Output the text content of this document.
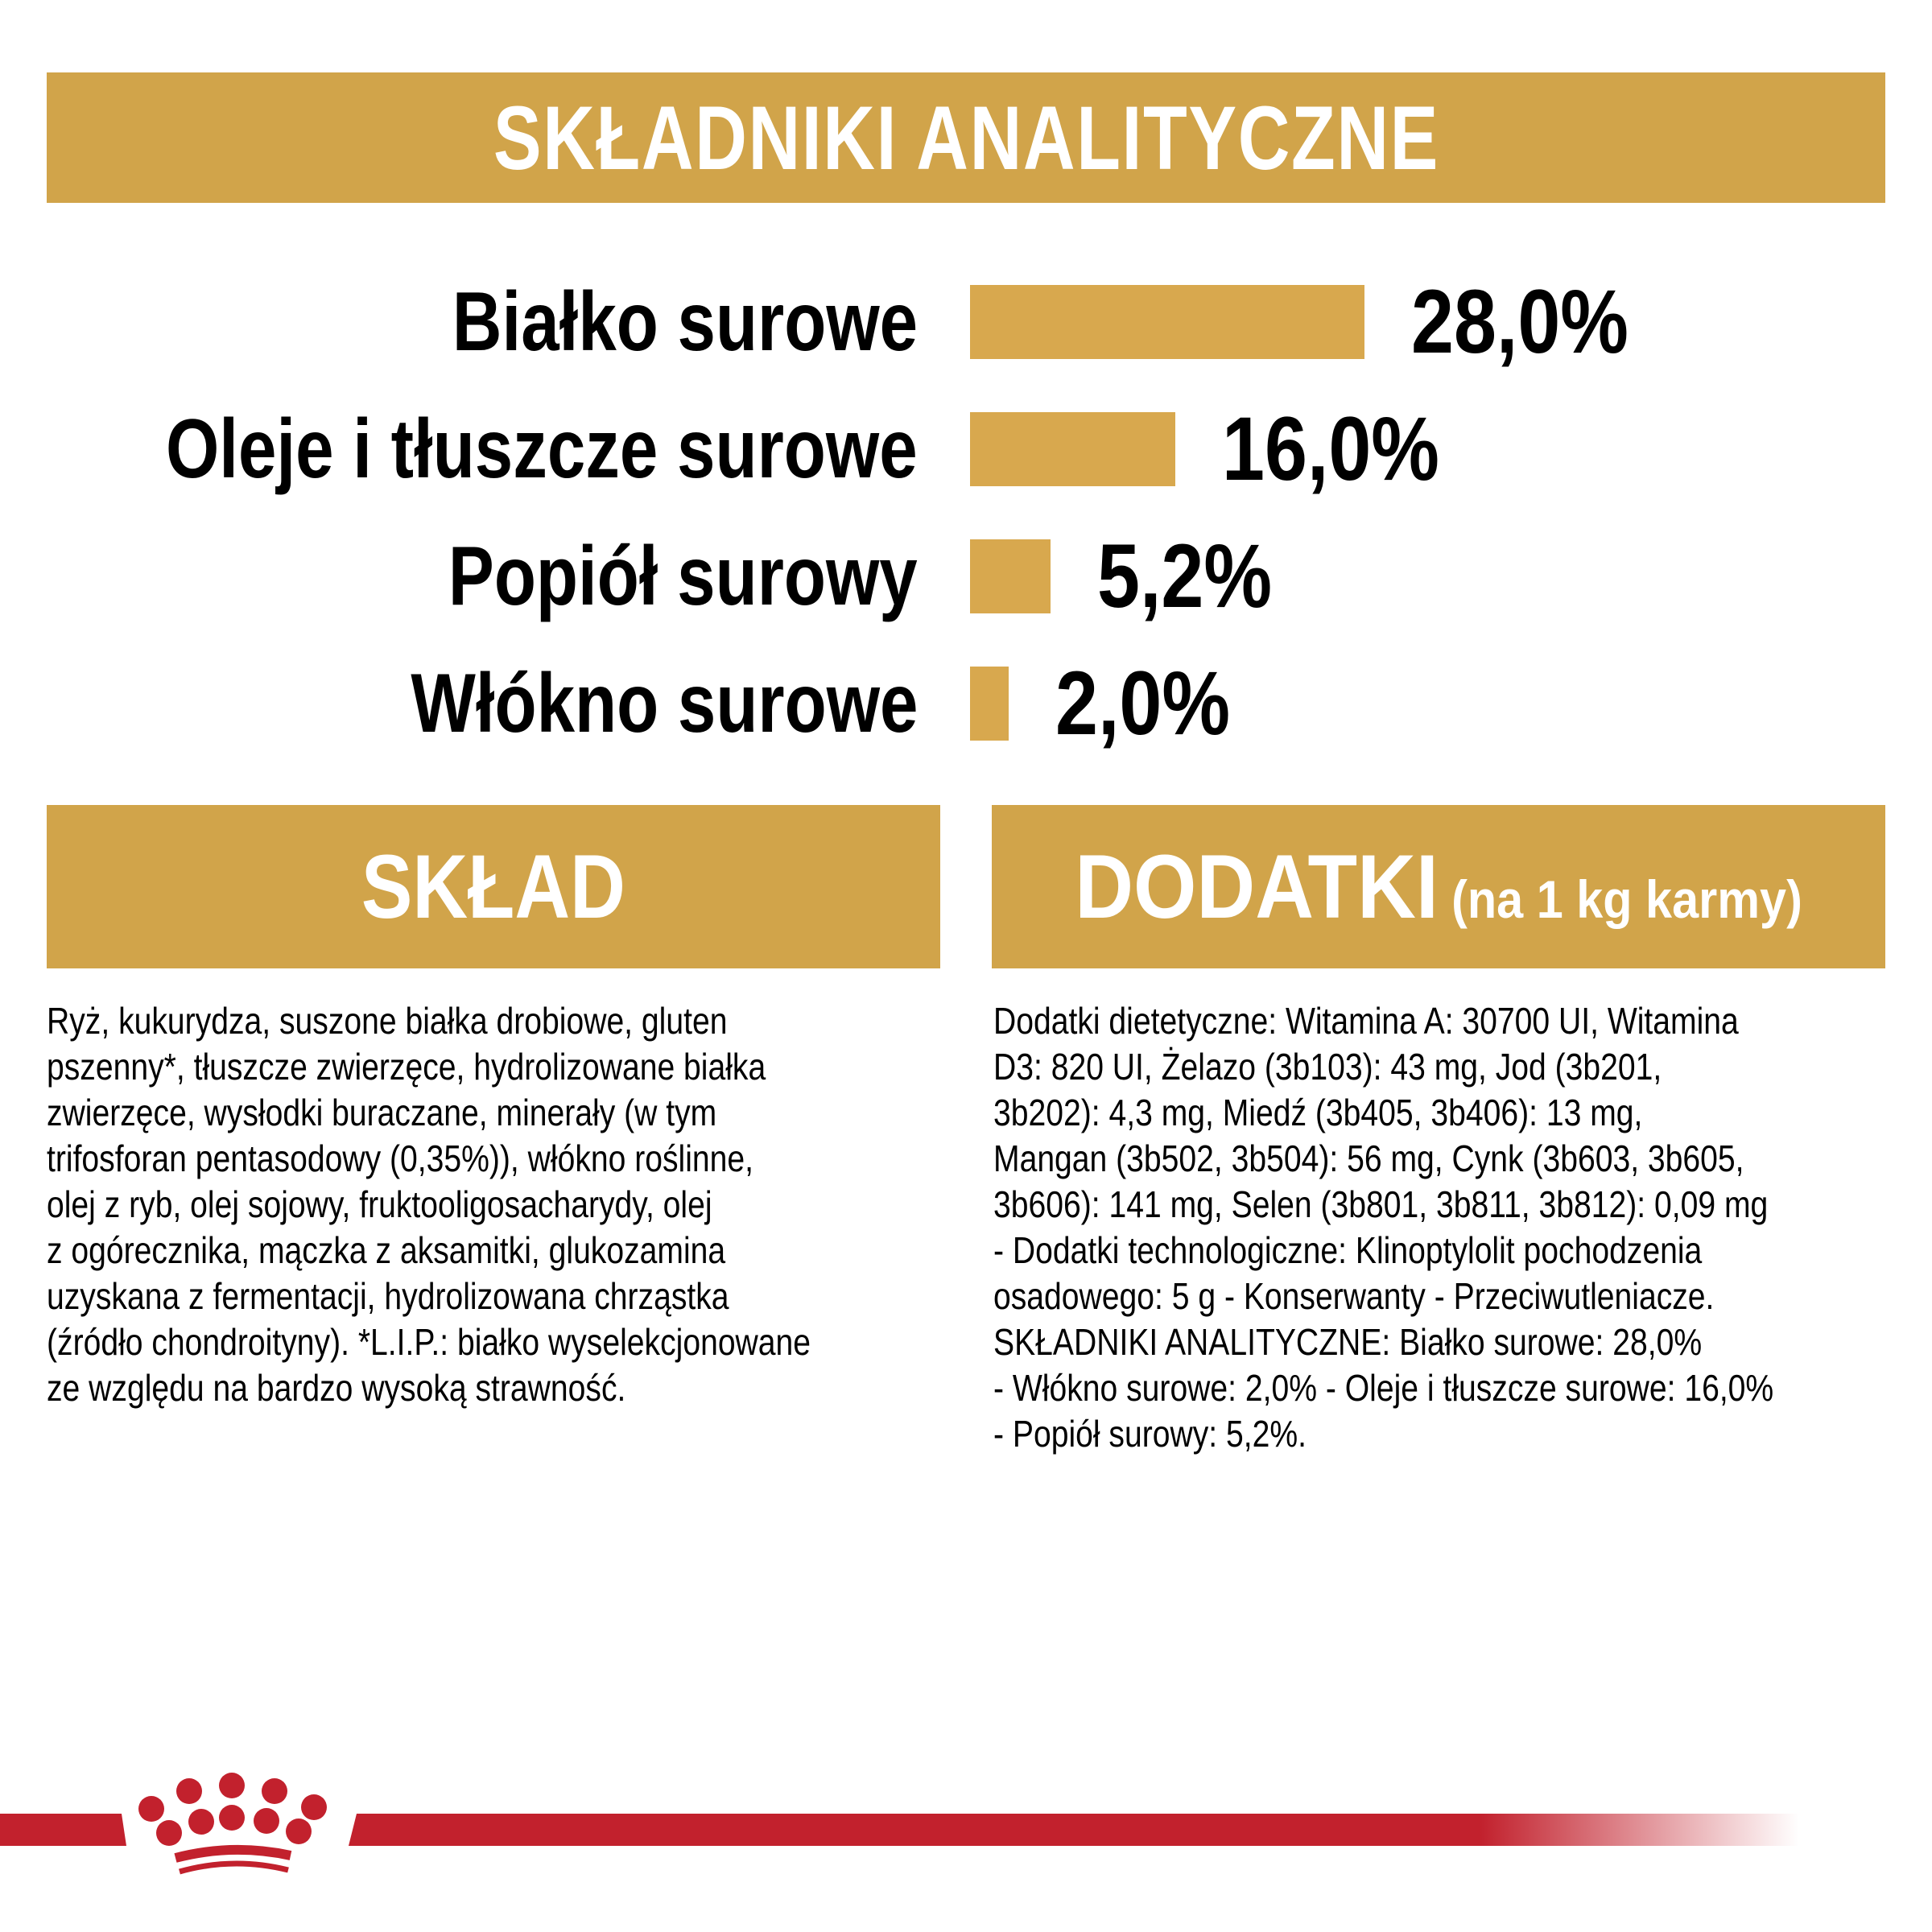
SKŁADNIKI ANALITYCZNE
Białko surowe	28,0%
Oleje i tłuszcze surowe	16,0%
Popiół surowy 5,2%
Włókno surowe 2,0%
SKŁAD	DODATKI (na 1 kg karmy)
Ryż, kukurydza, suszone białka drobiowe, gluten
pszenny*, tłuszcze zwierzęce, hydrolizowane białka
zwierzęce, wysłodki buraczane, minerały (w tym
trifosforan pentasodowy (0,35%)), włókno roślinne,
olej z ryb, olej sojowy, fruktooligosacharydy, olej
z ogórecznika, mączka z aksamitki, glukozamina
uzyskana z fermentacji, hydrolizowana chrząstka
(źródło chondroityny). *L.I.P.: białko wyselekcjonowane
ze względu na bardzo wysoką strawność.
Dodatki dietetyczne: Witamina A: 30700 UI, Witamina
D3: 820 UI, Żelazo (3b103): 43 mg, Jod (3b201,
3b202): 4,3 mg, Miedź (3b405, 3b406): 13 mg,
Mangan (3b502, 3b504): 56 mg, Cynk (3b603, 3b605,
3b606): 141 mg, Selen (3b801, 3b811, 3b812): 0,09 mg
- Dodatki technologiczne: Klinoptylolit pochodzenia
osadowego: 5 g - Konserwanty - Przeciwutleniacze.
SKŁADNIKI ANALITYCZNE: Białko surowe: 28,0%
- Włókno surowe: 2,0% - Oleje i tłuszcze surowe: 16,0%
- Popiół surowy: 5,2%.
